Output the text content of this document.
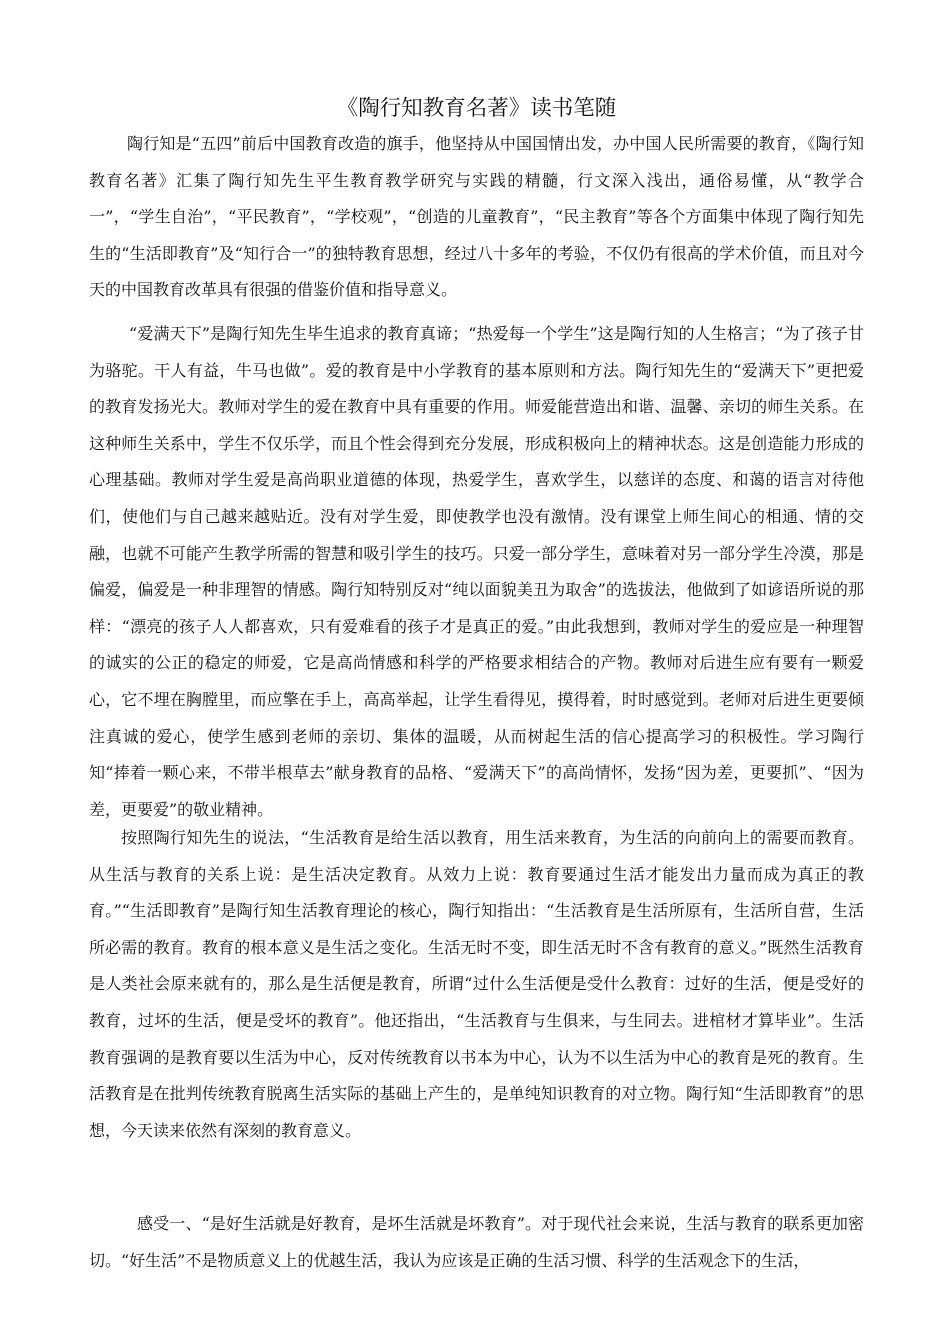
《陶行知教育名著》读书笔随

陶行知是“五四”前后中国教育改造的旗手，他坚持从中国国情出发，办中国人民所需要的教育，《陶行知教育名著》汇集了陶行知先生平生教育教学研究与实践的精髓，行文深入浅出，通俗易懂，从“教学合一”，“学生自治”，“平民教育”，“学校观”，“创造的儿童教育”，“民主教育”等各个方面集中体现了陶行知先生的“生活即教育”及“知行合一”的独特教育思想，经过八十多年的考验，不仅仍有很高的学术价值，而且对今天的中国教育改革具有很强的借鉴价值和指导意义。

“爱满天下”是陶行知先生毕生追求的教育真谛；“热爱每一个学生”这是陶行知的人生格言；“为了孩子甘为骆驼。干人有益，牛马也做”。爱的教育是中小学教育的基本原则和方法。陶行知先生的“爱满天下”更把爱的教育发扬光大。教师对学生的爱在教育中具有重要的作用。师爱能营造出和谐、温馨、亲切的师生关系。在这种师生关系中，学生不仅乐学，而且个性会得到充分发展，形成积极向上的精神状态。这是创造能力形成的心理基础。教师对学生爱是高尚职业道德的体现，热爱学生，喜欢学生，以慈详的态度、和蔼的语言对待他们，使他们与自己越来越贴近。没有对学生爱，即使教学也没有激情。没有课堂上师生间心的相通、情的交融，也就不可能产生教学所需的智慧和吸引学生的技巧。只爱一部分学生，意味着对另一部分学生冷漠，那是偏爱，偏爱是一种非理智的情感。陶行知特别反对“纯以面貌美丑为取舍”的选拔法，他做到了如谚语所说的那样：“漂亮的孩子人人都喜欢，只有爱难看的孩子才是真正的爱。”由此我想到，教师对学生的爱应是一种理智的诚实的公正的稳定的师爱，它是高尚情感和科学的严格要求相结合的产物。教师对后进生应有要有一颗爱心，它不埋在胸膛里，而应擎在手上，高高举起，让学生看得见，摸得着，时时感觉到。老师对后进生更要倾注真诚的爱心，使学生感到老师的亲切、集体的温暖，从而树起生活的信心提高学习的积极性。学习陶行知“捧着一颗心来，不带半根草去”献身教育的品格、“爱满天下”的高尚情怀，发扬“因为差，更要抓”、“因为差，更要爱”的敬业精神。

按照陶行知先生的说法，“生活教育是给生活以教育，用生活来教育，为生活的向前向上的需要而教育。从生活与教育的关系上说：是生活决定教育。从效力上说：教育要通过生活才能发出力量而成为真正的教育。”“生活即教育”是陶行知生活教育理论的核心，陶行知指出：“生活教育是生活所原有，生活所自营，生活所必需的教育。教育的根本意义是生活之变化。生活无时不变，即生活无时不含有教育的意义。”既然生活教育是人类社会原来就有的，那么是生活便是教育，所谓“过什么生活便是受什么教育：过好的生活，便是受好的教育，过坏的生活，便是受坏的教育”。他还指出，“生活教育与生俱来，与生同去。进棺材才算毕业”。生活教育强调的是教育要以生活为中心，反对传统教育以书本为中心，认为不以生活为中心的教育是死的教育。生活教育是在批判传统教育脱离生活实际的基础上产生的，是单纯知识教育的对立物。陶行知“生活即教育”的思想，今天读来依然有深刻的教育意义。

感受一、“是好生活就是好教育，是坏生活就是坏教育”。对于现代社会来说，生活与教育的联系更加密切。“好生活”不是物质意义上的优越生活，我认为应该是正确的生活习惯、科学的生活观念下的生活，
